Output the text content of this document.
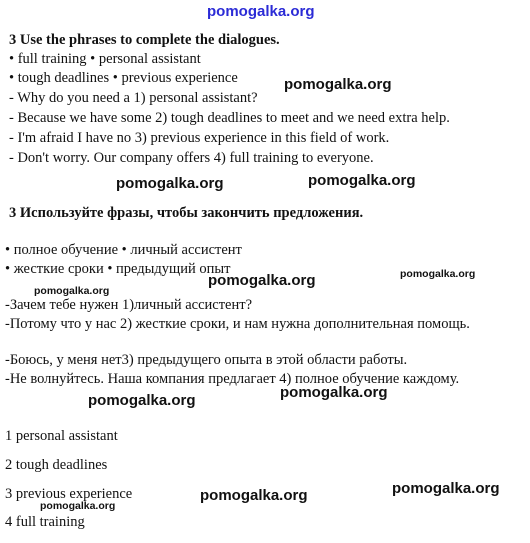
pomogalka.org
pomogalka.org
pomogalka.org	pomogalka.org
pomogalka.org	pomogalka.org
pomogalka.org
pomogalka.org	pomogalka.org
pomogalka.org	pomogalka.org
pomogalka.org
3 Use the phrases to complete the dialogues.
• full training • personal assistant
• tough deadlines • previous experience
- Why do you need a 1) personal assistant?
- Because we have some 2) tough deadlines to meet and we need extra help.
- I'm afraid I have no 3) previous experience in this field of work.
- Don't worry. Our company offers 4) full training to everyone.
3 Используйте фразы, чтобы закончить предложения.
• полное обучение • личный ассистент
• жесткие сроки • предыдущий опыт
-Зачем тебе нужен 1)личный ассистент?
-Потому что у нас 2) жесткие сроки, и нам нужна дополнительная помощь.
-Боюсь, у меня нет3) предыдущего опыта в этой области работы.
-Не волнуйтесь. Наша компания предлагает 4) полное обучение каждому.
1 personal assistant
2 tough deadlines
3 previous experience
4 full training
